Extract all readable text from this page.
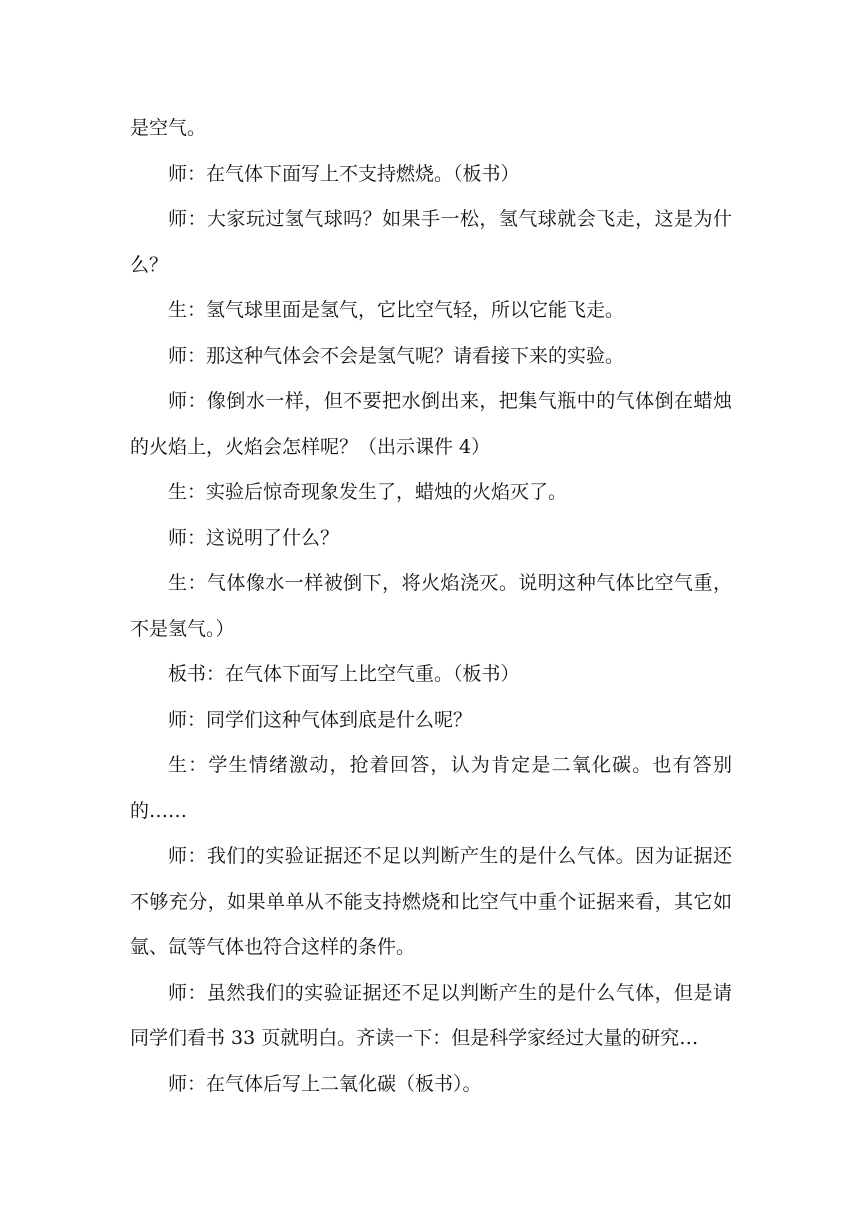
是空气。

师：在气体下面写上不支持燃烧。（板书）

师：大家玩过氢气球吗？如果手一松，氢气球就会飞走，这是为什么？

生：氢气球里面是氢气，它比空气轻，所以它能飞走。

师：那这种气体会不会是氢气呢？请看接下来的实验。

师：像倒水一样，但不要把水倒出来，把集气瓶中的气体倒在蜡烛的火焰上，火焰会怎样呢？（出示课件 4）

生：实验后惊奇现象发生了，蜡烛的火焰灭了。

师：这说明了什么？

生：气体像水一样被倒下，将火焰浇灭。说明这种气体比空气重，不是氢气。）

板书：在气体下面写上比空气重。（板书）

师：同学们这种气体到底是什么呢？

生：学生情绪激动，抢着回答，认为肯定是二氧化碳。也有答别的……

师：我们的实验证据还不足以判断产生的是什么气体。因为证据还不够充分，如果单单从不能支持燃烧和比空气中重个证据来看，其它如氩、氙等气体也符合这样的条件。

师：虽然我们的实验证据还不足以判断产生的是什么气体，但是请同学们看书 33 页就明白。齐读一下：但是科学家经过大量的研究…

师：在气体后写上二氧化碳（板书）。
